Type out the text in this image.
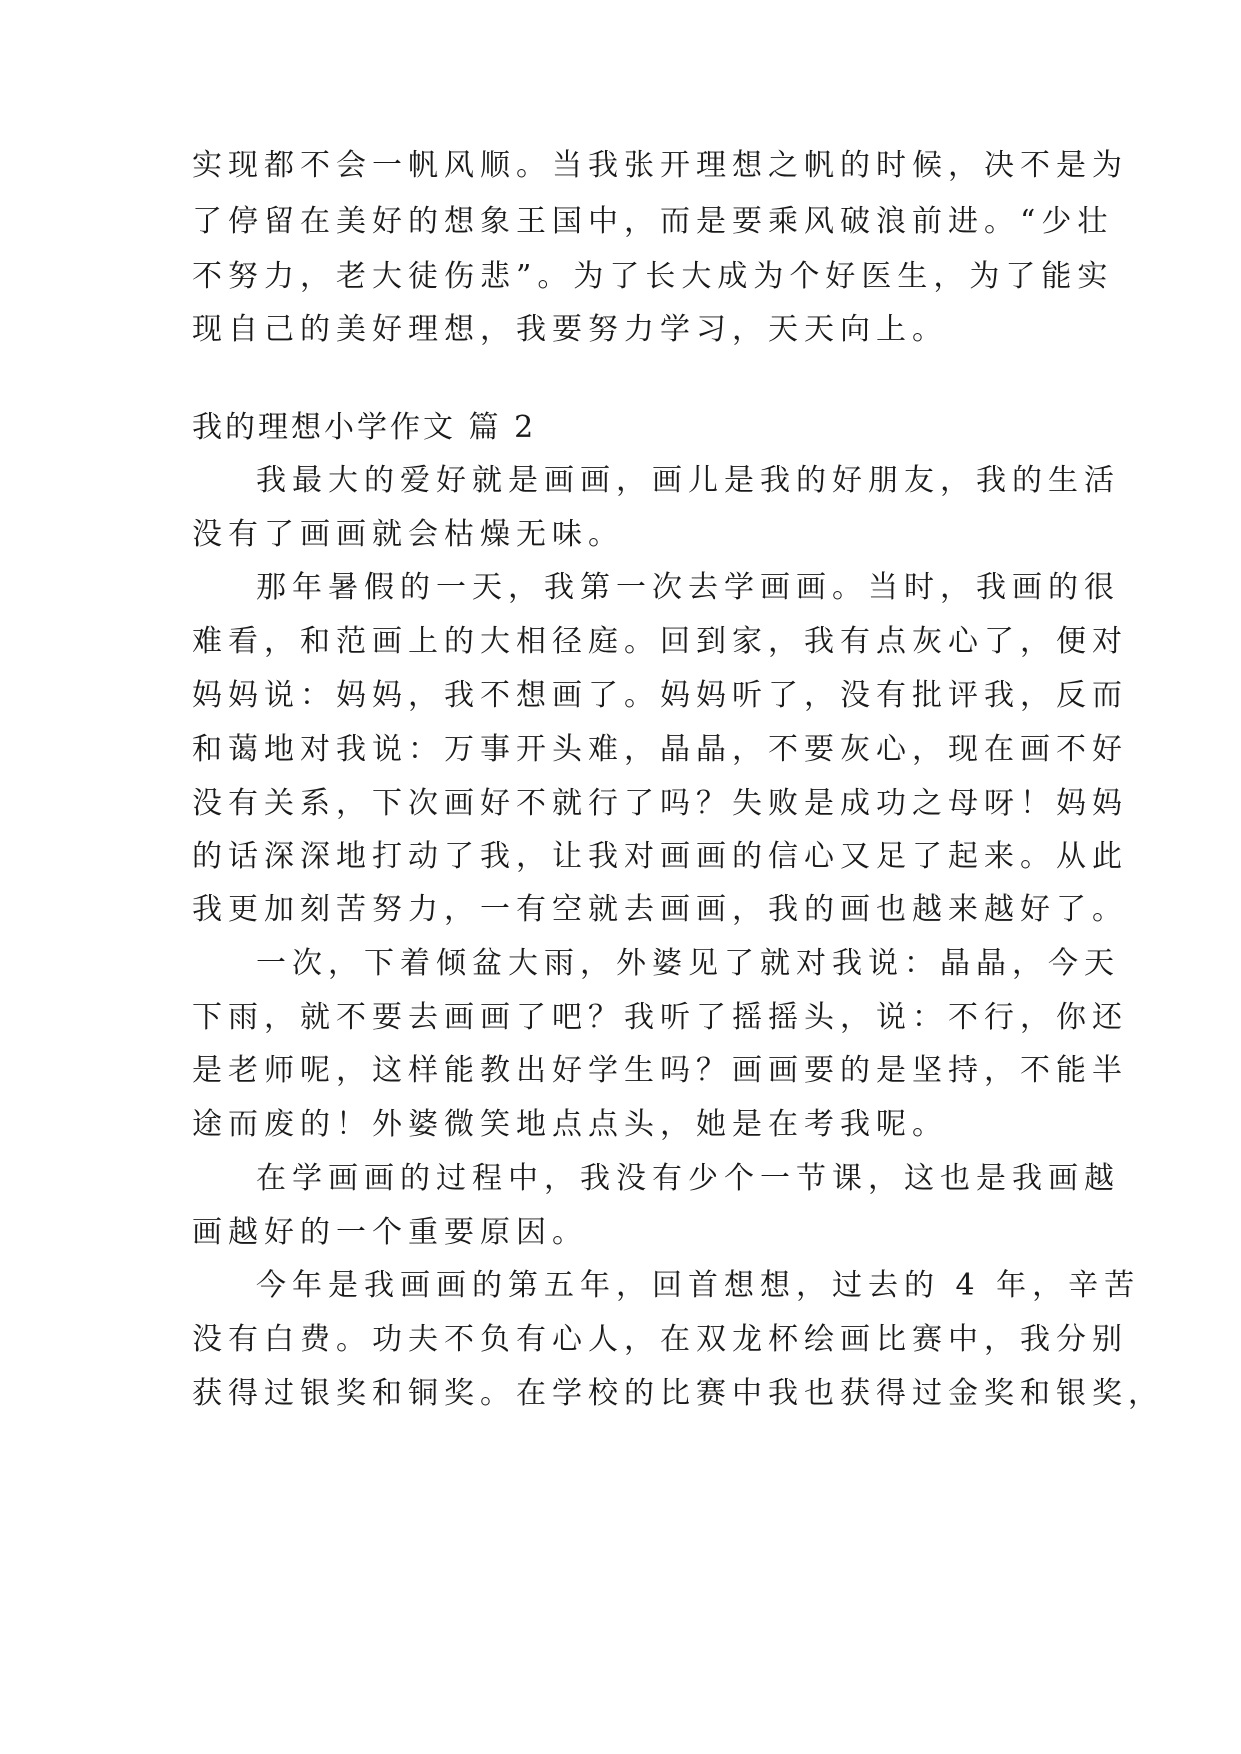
实现都不会一帆风顺。当我张开理想之帆的时候，决不是为
了停留在美好的想象王国中，而是要乘风破浪前进。“少壮
不努力，老大徒伤悲”。为了长大成为个好医生，为了能实
现自己的美好理想，我要努力学习，天天向上。
我的理想小学作文 篇 2
我最大的爱好就是画画，画儿是我的好朋友，我的生活
没有了画画就会枯燥无味。
那年暑假的一天，我第一次去学画画。当时，我画的很
难看，和范画上的大相径庭。回到家，我有点灰心了，便对
妈妈说：妈妈，我不想画了。妈妈听了，没有批评我，反而
和蔼地对我说：万事开头难，晶晶，不要灰心，现在画不好
没有关系，下次画好不就行了吗？失败是成功之母呀！妈妈
的话深深地打动了我，让我对画画的信心又足了起来。从此
我更加刻苦努力，一有空就去画画，我的画也越来越好了。
一次，下着倾盆大雨，外婆见了就对我说：晶晶，今天
下雨，就不要去画画了吧？我听了摇摇头，说：不行，你还
是老师呢，这样能教出好学生吗？画画要的是坚持，不能半
途而废的！外婆微笑地点点头，她是在考我呢。
在学画画的过程中，我没有少个一节课，这也是我画越
画越好的一个重要原因。
今年是我画画的第五年，回首想想，过去的 4 年，辛苦
没有白费。功夫不负有心人，在双龙杯绘画比赛中，我分别
获得过银奖和铜奖。在学校的比赛中我也获得过金奖和银奖，
